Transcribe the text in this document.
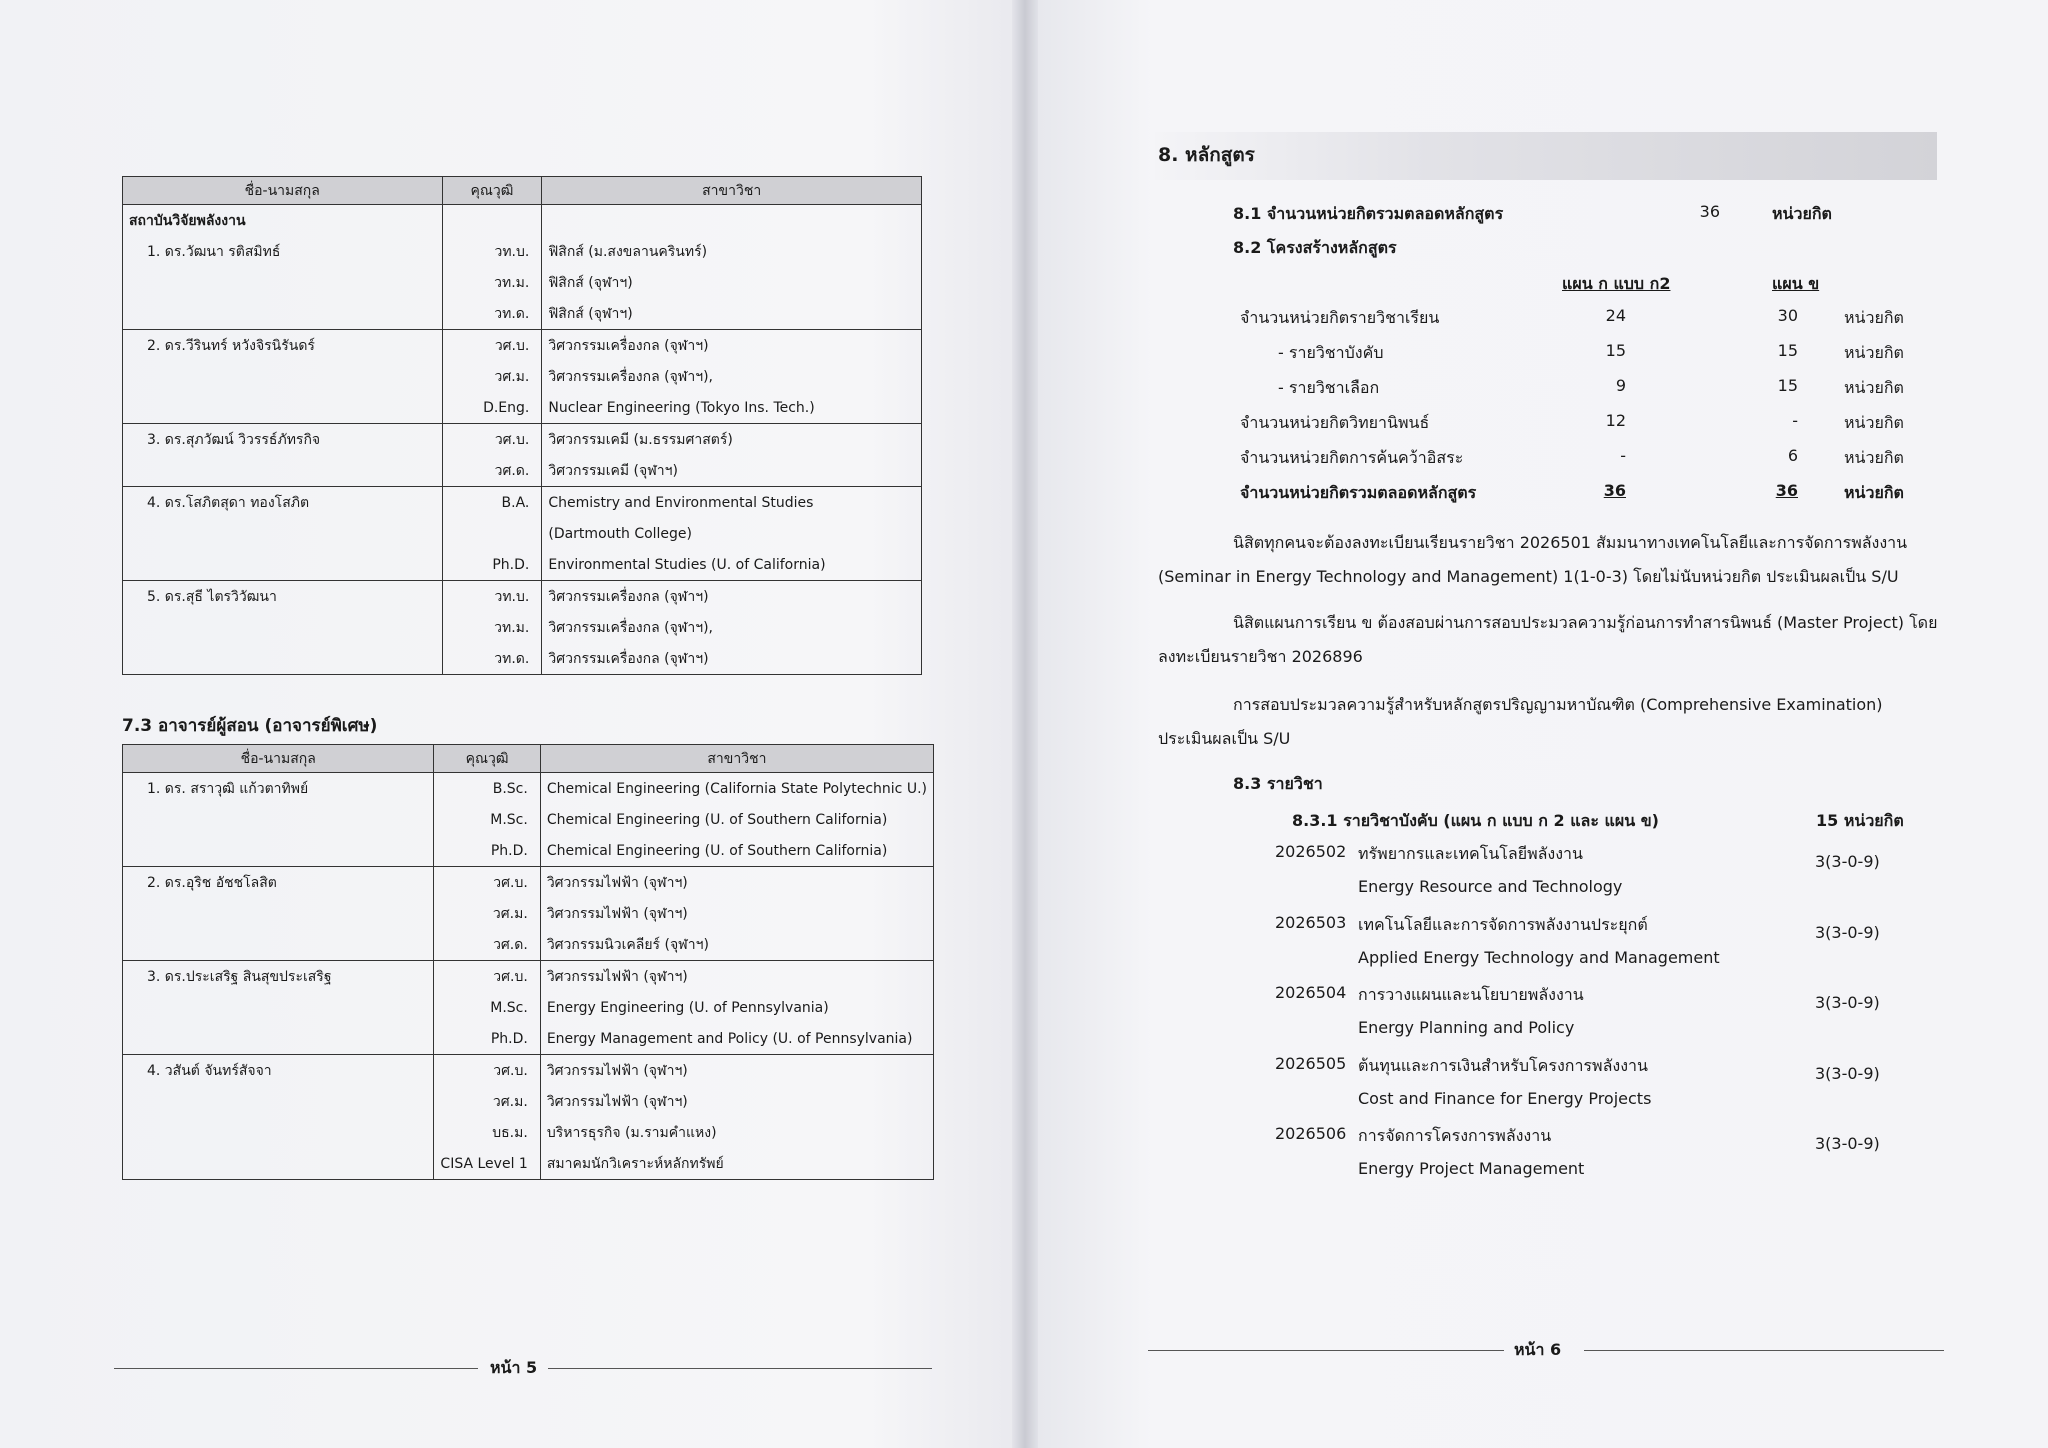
ชื่อ-นามสกุล	คุณวุฒิ	สาขาวิชา
สถาบันวิจัยพลังงาน		
1. ดร.วัฒนา รติสมิทธ์	วท.บ.	ฟิสิกส์ (ม.สงขลานครินทร์)
	วท.ม.	ฟิสิกส์ (จุฬาฯ)
	วท.ด.	ฟิสิกส์ (จุฬาฯ)
2. ดร.วีรินทร์ หวังจิรนิรันดร์	วศ.บ.	วิศวกรรมเครื่องกล (จุฬาฯ)
	วศ.ม.	วิศวกรรมเครื่องกล (จุฬาฯ),
	D.Eng.	Nuclear Engineering (Tokyo Ins. Tech.)
3. ดร.สุภวัฒน์ วิวรรธ์ภัทรกิจ	วศ.บ.	วิศวกรรมเคมี (ม.ธรรมศาสตร์)
	วศ.ด.	วิศวกรรมเคมี (จุฬาฯ)
4. ดร.โสภิตสุดา ทองโสภิต	B.A.	Chemistry and Environmental Studies
		(Dartmouth College)
	Ph.D.	Environmental Studies (U. of California)
5. ดร.สุธี ไตรวิวัฒนา	วท.บ.	วิศวกรรมเครื่องกล (จุฬาฯ)
	วท.ม.	วิศวกรรมเครื่องกล (จุฬาฯ),
	วท.ด.	วิศวกรรมเครื่องกล (จุฬาฯ)
7.3 อาจารย์ผู้สอน (อาจารย์พิเศษ)
ชื่อ-นามสกุล	คุณวุฒิ	สาขาวิชา
1. ดร. สราวุฒิ แก้วตาทิพย์	B.Sc.	Chemical Engineering (California State Polytechnic U.)
	M.Sc.	Chemical Engineering (U. of Southern California)
	Ph.D.	Chemical Engineering (U. of Southern California)
2. ดร.อุริช อัชชโลสิต	วศ.บ.	วิศวกรรมไฟฟ้า (จุฬาฯ)
	วศ.ม.	วิศวกรรมไฟฟ้า (จุฬาฯ)
	วศ.ด.	วิศวกรรมนิวเคลียร์ (จุฬาฯ)
3. ดร.ประเสริฐ สินสุขประเสริฐ	วศ.บ.	วิศวกรรมไฟฟ้า (จุฬาฯ)
	M.Sc.	Energy Engineering (U. of Pennsylvania)
	Ph.D.	Energy Management and Policy (U. of Pennsylvania)
4. วสันต์ จันทร์สัจจา	วศ.บ.	วิศวกรรมไฟฟ้า (จุฬาฯ)
	วศ.ม.	วิศวกรรมไฟฟ้า (จุฬาฯ)
	บธ.ม.	บริหารธุรกิจ (ม.รามคำแหง)
	CISA Level 1	สมาคมนักวิเคราะห์หลักทรัพย์
หน้า 5
8. หลักสูตร
8.1 จำนวนหน่วยกิตรวมตลอดหลักสูตร	36	หน่วยกิต
8.2 โครงสร้างหลักสูตร
แผน ก แบบ ก2	แผน ข
จำนวนหน่วยกิตรายวิชาเรียน	24	30	หน่วยกิต
- รายวิชาบังคับ	15	15	หน่วยกิต
- รายวิชาเลือก	9	15	หน่วยกิต
จำนวนหน่วยกิตวิทยานิพนธ์	12	-	หน่วยกิต
จำนวนหน่วยกิตการค้นคว้าอิสระ	-	6	หน่วยกิต
จำนวนหน่วยกิตรวมตลอดหลักสูตร	36	36	หน่วยกิต
นิสิตทุกคนจะต้องลงทะเบียนเรียนรายวิชา 2026501 สัมมนาทางเทคโนโลยีและการจัดการพลังงาน
(Seminar in Energy Technology and Management) 1(1-0-3) โดยไม่นับหน่วยกิต ประเมินผลเป็น S/U
นิสิตแผนการเรียน ข ต้องสอบผ่านการสอบประมวลความรู้ก่อนการทำสารนิพนธ์ (Master Project) โดย
ลงทะเบียนรายวิชา 2026896
การสอบประมวลความรู้สำหรับหลักสูตรปริญญามหาบัณฑิต (Comprehensive Examination)
ประเมินผลเป็น S/U
8.3 รายวิชา
8.3.1 รายวิชาบังคับ (แผน ก แบบ ก 2 และ แผน ข)	15 หน่วยกิต
2026502 ทรัพยากรและเทคโนโลยีพลังงาน	3(3-0-9)
Energy Resource and Technology
2026503 เทคโนโลยีและการจัดการพลังงานประยุกต์	3(3-0-9)
Applied Energy Technology and Management
2026504 การวางแผนและนโยบายพลังงาน	3(3-0-9)
Energy Planning and Policy
2026505 ต้นทุนและการเงินสำหรับโครงการพลังงาน	3(3-0-9)
Cost and Finance for Energy Projects
2026506 การจัดการโครงการพลังงาน	3(3-0-9)
Energy Project Management
หน้า 6
